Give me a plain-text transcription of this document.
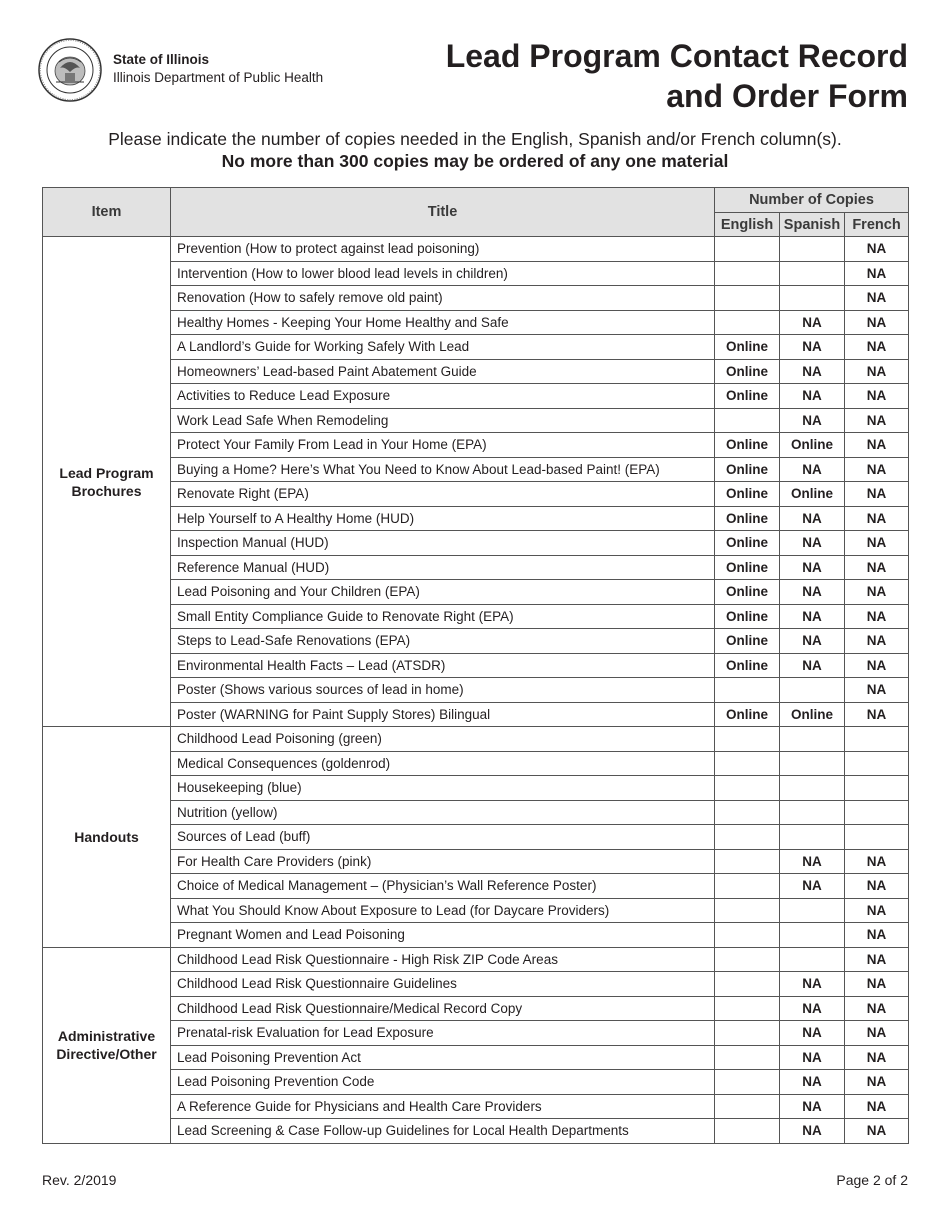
State of Illinois
Illinois Department of Public Health
Lead Program Contact Record
and Order Form
Please indicate the number of copies needed in the English, Spanish and/or French column(s).
No more than 300 copies may be ordered of any one material
Item	Title	Number of Copies		
		English	Spanish	French

Lead Program
Brochures	Prevention (How to protect against lead poisoning)			NA
	Intervention (How to lower blood lead levels in children)			NA
	Renovation (How to safely remove old paint)			NA
	Healthy Homes - Keeping Your Home Healthy and Safe		NA	NA
	A Landlord’s Guide for Working Safely With Lead	Online	NA	NA
	Homeowners’ Lead-based Paint Abatement Guide	Online	NA	NA
	Activities to Reduce Lead Exposure	Online	NA	NA
	Work Lead Safe When Remodeling		NA	NA
	Protect Your Family From Lead in Your Home (EPA)	Online	Online	NA
	Buying a Home? Here’s What You Need to Know About Lead-based Paint! (EPA)	Online	NA	NA
	Renovate Right (EPA)	Online	Online	NA
	Help Yourself to A Healthy Home (HUD)	Online	NA	NA
	Inspection Manual (HUD)	Online	NA	NA
	Reference Manual (HUD)	Online	NA	NA
	Lead Poisoning and Your Children (EPA)	Online	NA	NA
	Small Entity Compliance Guide to Renovate Right (EPA)	Online	NA	NA
	Steps to Lead-Safe Renovations (EPA)	Online	NA	NA
	Environmental Health Facts – Lead (ATSDR)	Online	NA	NA
	Poster (Shows various sources of lead in home)			NA
	Poster (WARNING for Paint Supply Stores) Bilingual	Online	Online	NA

Handouts	Childhood Lead Poisoning (green)			
	Medical Consequences (goldenrod)			
	Housekeeping (blue)			
	Nutrition (yellow)			
	Sources of Lead (buff)			
	For Health Care Providers (pink)		NA	NA
	Choice of Medical Management – (Physician’s Wall Reference Poster)		NA	NA
	What You Should Know About Exposure to Lead (for Daycare Providers)			NA
	Pregnant Women and Lead Poisoning			NA

Administrative
Directive/Other	Childhood Lead Risk Questionnaire - High Risk ZIP Code Areas			NA
	Childhood Lead Risk Questionnaire Guidelines		NA	NA
	Childhood Lead Risk Questionnaire/Medical Record Copy		NA	NA
	Prenatal-risk Evaluation for Lead Exposure		NA	NA
	Lead Poisoning Prevention Act		NA	NA
	Lead Poisoning Prevention Code		NA	NA
	A Reference Guide for Physicians and Health Care Providers		NA	NA
	Lead Screening & Case Follow-up Guidelines for Local Health Departments		NA	NA
Rev. 2/2019	Page 2 of 2
